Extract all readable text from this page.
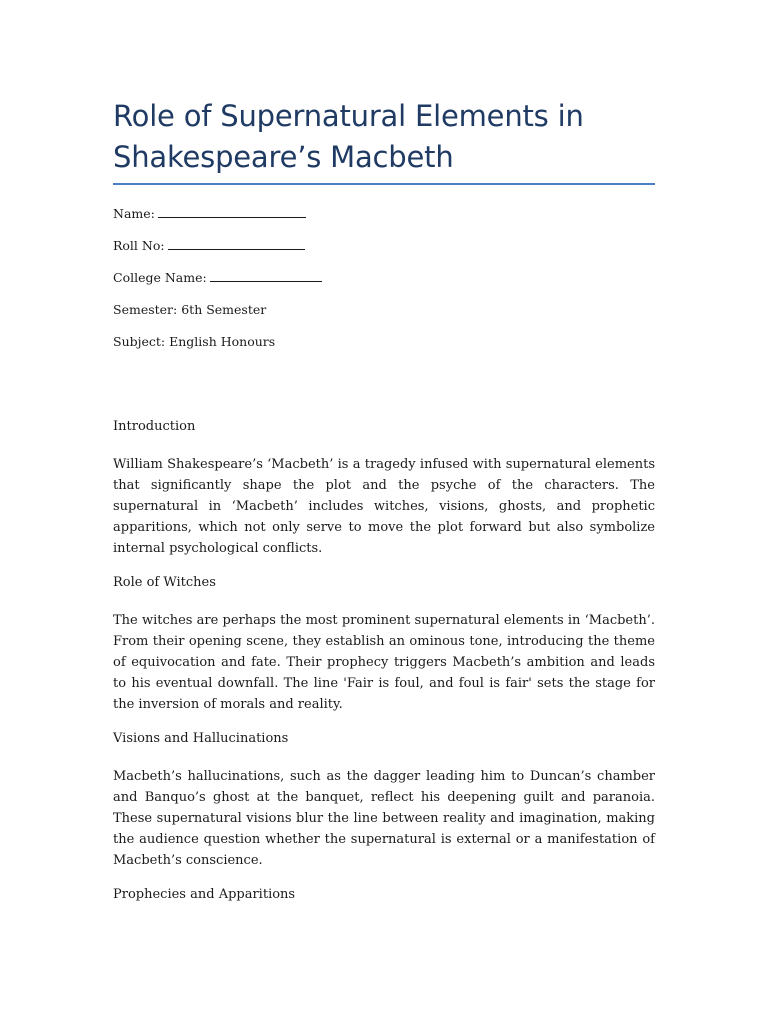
Role of Supernatural Elements in Shakespeare’s Macbeth
Name:
Roll No:
College Name:
Semester: 6th Semester
Subject: English Honours
Introduction

William Shakespeare’s ‘Macbeth’ is a tragedy infused with supernatural elements that significantly shape the plot and the psyche of the characters. The supernatural in ‘Macbeth’ includes witches, visions, ghosts, and prophetic apparitions, which not only serve to move the plot forward but also symbolize internal psychological conflicts.

Role of Witches

The witches are perhaps the most prominent supernatural elements in ‘Macbeth’. From their opening scene, they establish an ominous tone, introducing the theme of equivocation and fate. Their prophecy triggers Macbeth’s ambition and leads to his eventual downfall. The line 'Fair is foul, and foul is fair' sets the stage for the inversion of morals and reality.

Visions and Hallucinations

Macbeth’s hallucinations, such as the dagger leading him to Duncan’s chamber and Banquo’s ghost at the banquet, reflect his deepening guilt and paranoia. These supernatural visions blur the line between reality and imagination, making the audience question whether the supernatural is external or a manifestation of Macbeth’s conscience.

Prophecies and Apparitions
